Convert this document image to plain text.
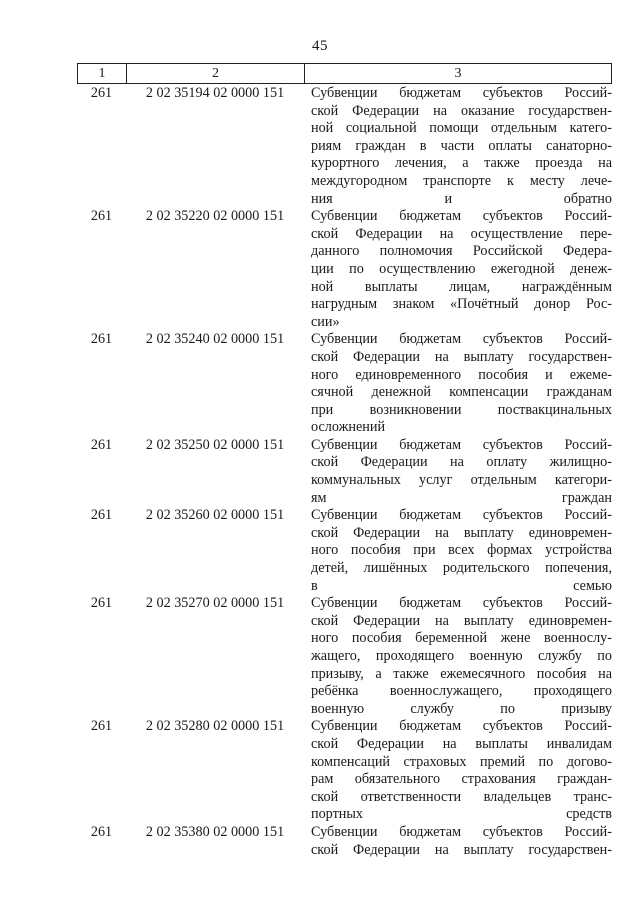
45
1	2	3
261	2 02 35194 02 0000 151	Субвенции бюджетам субъектов Россий-
ской Федерации на оказание государствен-
ной социальной помощи отдельным катего-
риям граждан в части оплаты санаторно-
курортного лечения, а также проезда на
междугородном транспорте к месту лече-
ния и обратно
261	2 02 35220 02 0000 151	Субвенции бюджетам субъектов Россий-
ской Федерации на осуществление пере-
данного полномочия Российской Федера-
ции по осуществлению ежегодной денеж-
ной выплаты лицам, награждённым
нагрудным знаком «Почётный донор Рос-
сии»
261	2 02 35240 02 0000 151	Субвенции бюджетам субъектов Россий-
ской Федерации на выплату государствен-
ного единовременного пособия и ежеме-
сячной денежной компенсации гражданам
при возникновении поствакцинальных
осложнений
261	2 02 35250 02 0000 151	Субвенции бюджетам субъектов Россий-
ской Федерации на оплату жилищно-
коммунальных услуг отдельным категори-
ям граждан
261	2 02 35260 02 0000 151	Субвенции бюджетам субъектов Россий-
ской Федерации на выплату единовремен-
ного пособия при всех формах устройства
детей, лишённых родительского попечения,
в семью
261	2 02 35270 02 0000 151	Субвенции бюджетам субъектов Россий-
ской Федерации на выплату единовремен-
ного пособия беременной жене военнослу-
жащего, проходящего военную службу по
призыву, а также ежемесячного пособия на
ребёнка военнослужащего, проходящего
военную службу по призыву
261	2 02 35280 02 0000 151	Субвенции бюджетам субъектов Россий-
ской Федерации на выплаты инвалидам
компенсаций страховых премий по догово-
рам обязательного страхования граждан-
ской ответственности владельцев транс-
портных средств
261	2 02 35380 02 0000 151	Субвенции бюджетам субъектов Россий-
ской Федерации на выплату государствен-
